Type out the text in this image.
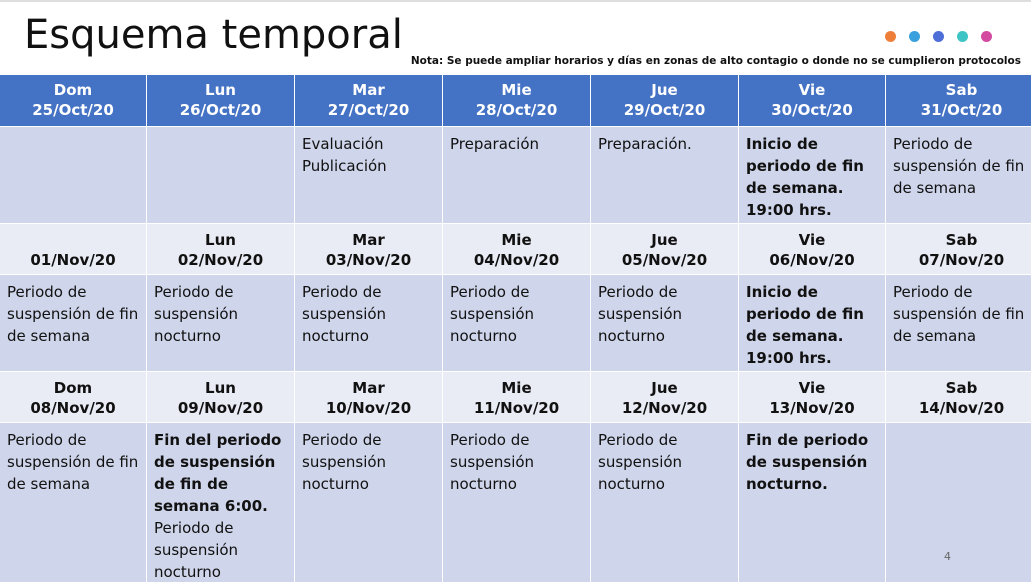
Esquema temporal
Nota: Se puede ampliar horarios y días en zonas de alto contagio o donde no se cumplieron protocolos
Dom
25/Oct/20
Lun
26/Oct/20
Mar
27/Oct/20
Mie
28/Oct/20
Jue
29/Oct/20
Vie
30/Oct/20
Sab
31/Oct/20
Evaluación
Publicación
Preparación	Preparación.	Inicio de periodo de fin de semana. 19:00 hrs.
Periodo de suspensión de fin de semana

01/Nov/20
Lun
02/Nov/20
Mar
03/Nov/20
Mie
04/Nov/20
Jue
05/Nov/20
Vie
06/Nov/20
Sab
07/Nov/20
Periodo de suspensión de fin de semana
Periodo de suspensión nocturno
Periodo de suspensión nocturno
Periodo de suspensión nocturno
Periodo de suspensión nocturno
Inicio de periodo de fin de semana. 19:00 hrs.
Periodo de suspensión de fin de semana
Dom
08/Nov/20
Lun
09/Nov/20
Mar
10/Nov/20
Mie
11/Nov/20
Jue
12/Nov/20
Vie
13/Nov/20
Sab
14/Nov/20
Periodo de suspensión de fin de semana
Fin del periodo de suspensión de fin de semana 6:00.
Periodo de suspensión nocturno
Periodo de suspensión nocturno
Periodo de suspensión nocturno
Periodo de suspensión nocturno
Fin de periodo de suspensión nocturno.
4
